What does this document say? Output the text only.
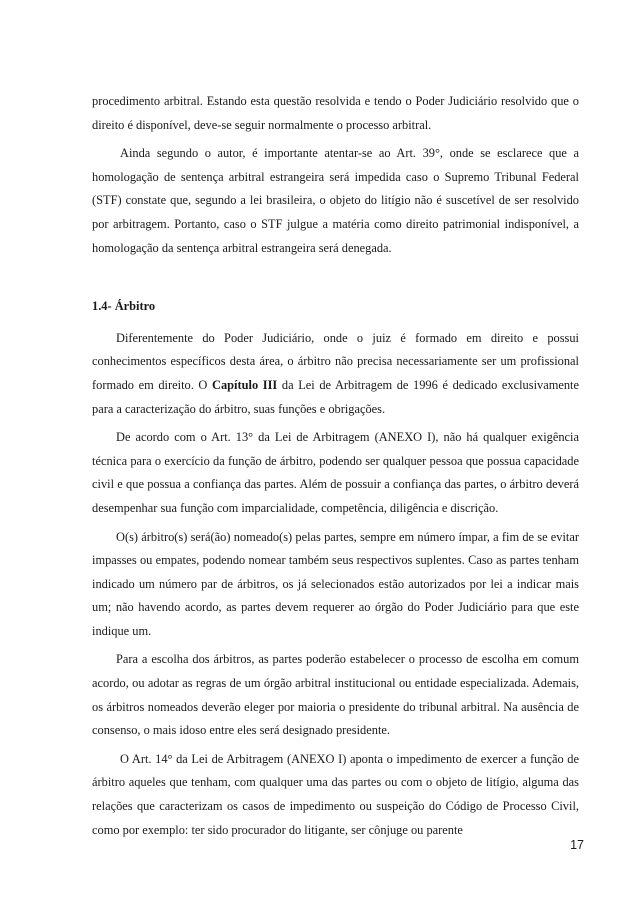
procedimento arbitral. Estando esta questão resolvida e tendo o Poder Judiciário resolvido que o direito é disponível, deve-se seguir normalmente o processo arbitral.

Ainda segundo o autor, é importante atentar-se ao Art. 39°, onde se esclarece que a homologação de sentença arbitral estrangeira será impedida caso o Supremo Tribunal Federal (STF) constate que, segundo a lei brasileira, o objeto do litígio não é suscetível de ser resolvido por arbitragem. Portanto, caso o STF julgue a matéria como direito patrimonial indisponível, a homologação da sentença arbitral estrangeira será denegada.

1.4- Árbitro

Diferentemente do Poder Judiciário, onde o juiz é formado em direito e possui conhecimentos específicos desta área, o árbitro não precisa necessariamente ser um profissional formado em direito. O Capítulo III da Lei de Arbitragem de 1996 é dedicado exclusivamente para a caracterização do árbitro, suas funções e obrigações.

De acordo com o Art. 13° da Lei de Arbitragem (ANEXO I), não há qualquer exigência técnica para o exercício da função de árbitro, podendo ser qualquer pessoa que possua capacidade civil e que possua a confiança das partes. Além de possuir a confiança das partes, o árbitro deverá desempenhar sua função com imparcialidade, competência, diligência e discrição.

O(s) árbitro(s) será(ão) nomeado(s) pelas partes, sempre em número ímpar, a fim de se evitar impasses ou empates, podendo nomear também seus respectivos suplentes. Caso as partes tenham indicado um número par de árbitros, os já selecionados estão autorizados por lei a indicar mais um; não havendo acordo, as partes devem requerer ao órgão do Poder Judiciário para que este indique um.

Para a escolha dos árbitros, as partes poderão estabelecer o processo de escolha em comum acordo, ou adotar as regras de um órgão arbitral institucional ou entidade especializada. Ademais, os árbitros nomeados deverão eleger por maioria o presidente do tribunal arbitral. Na ausência de consenso, o mais idoso entre eles será designado presidente.

O Art. 14° da Lei de Arbitragem (ANEXO I) aponta o impedimento de exercer a função de árbitro aqueles que tenham, com qualquer uma das partes ou com o objeto de litígio, alguma das relações que caracterizam os casos de impedimento ou suspeição do Código de Processo Civil, como por exemplo: ter sido procurador do litigante, ser cônjuge ou parente

17
